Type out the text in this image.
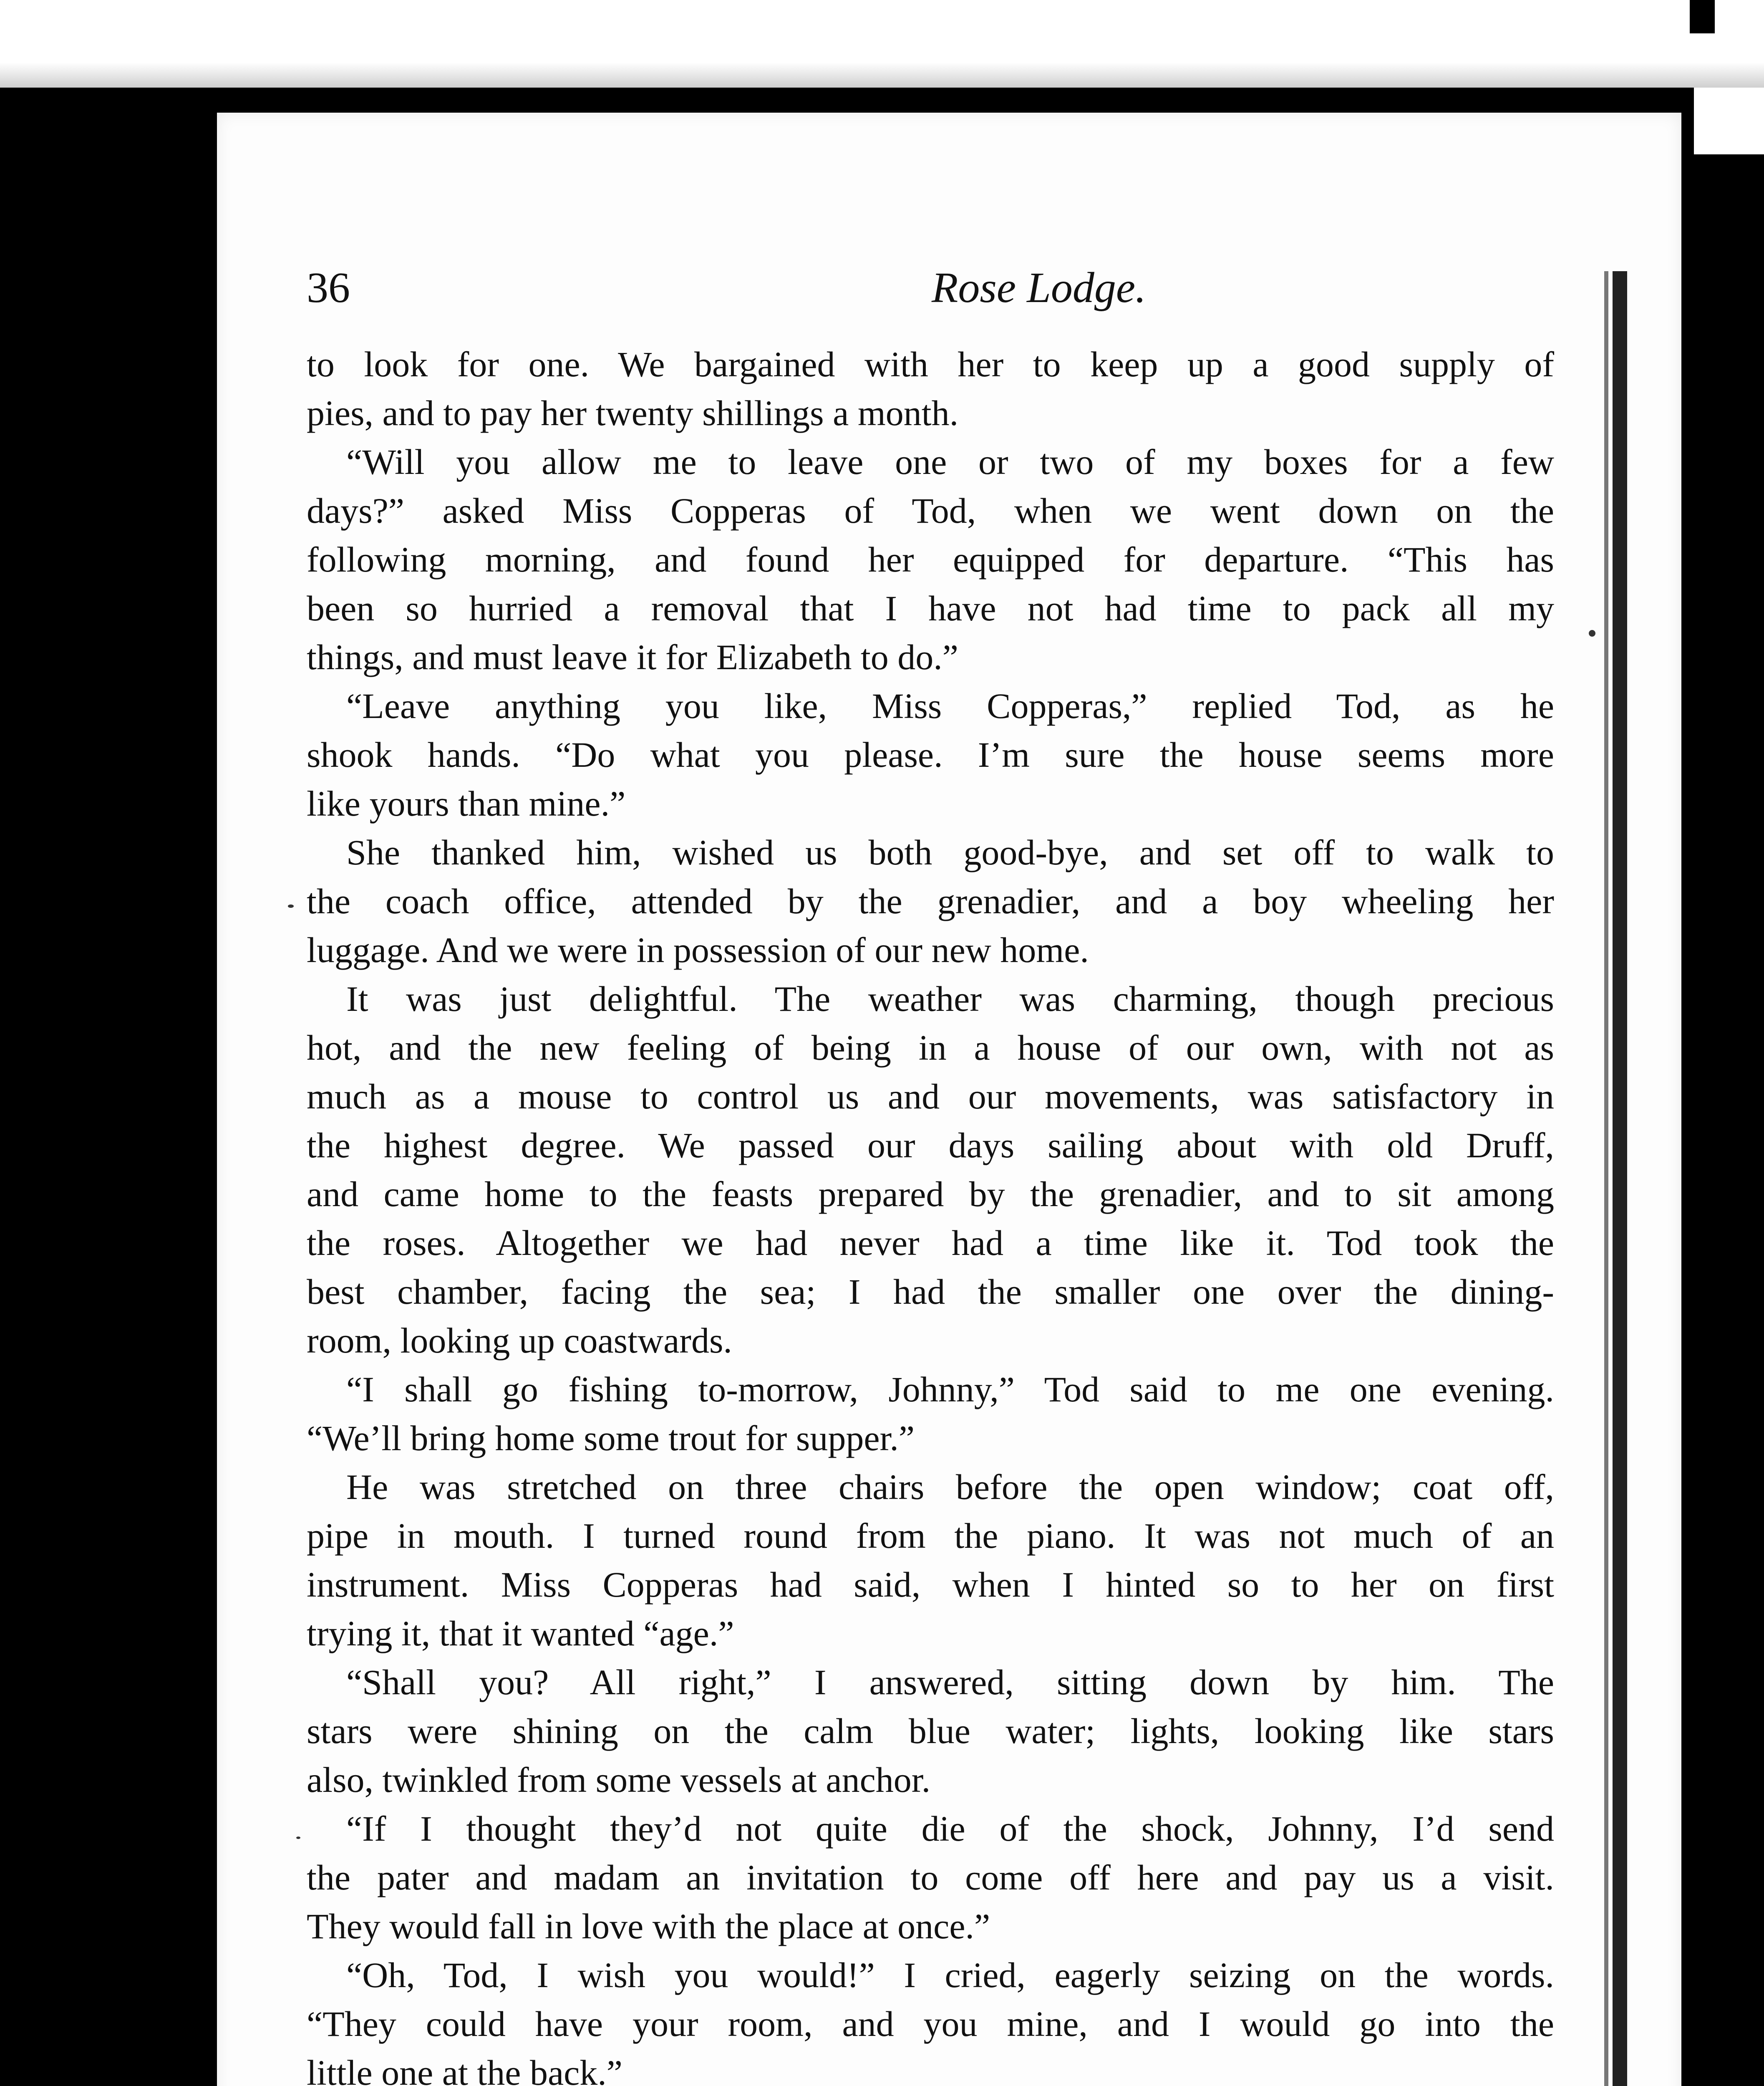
36	Rose Lodge.
to look for one. We bargained with her to keep up a good supply of
pies, and to pay her twenty shillings a month.
“Will you allow me to leave one or two of my boxes for a few
days?” asked Miss Copperas of Tod, when we went down on the
following morning, and found her equipped for departure. “This has
been so hurried a removal that I have not had time to pack all my
things, and must leave it for Elizabeth to do.”
“Leave anything you like, Miss Copperas,” replied Tod, as he
shook hands. “Do what you please. I’m sure the house seems more
like yours than mine.”
She thanked him, wished us both good-bye, and set off to walk to
the coach office, attended by the grenadier, and a boy wheeling her
luggage. And we were in possession of our new home.
It was just delightful. The weather was charming, though precious
hot, and the new feeling of being in a house of our own, with not as
much as a mouse to control us and our movements, was satisfactory in
the highest degree. We passed our days sailing about with old Druff,
and came home to the feasts prepared by the grenadier, and to sit among
the roses. Altogether we had never had a time like it. Tod took the
best chamber, facing the sea; I had the smaller one over the dining-
room, looking up coastwards.
“I shall go fishing to-morrow, Johnny,” Tod said to me one evening.
“We’ll bring home some trout for supper.”
He was stretched on three chairs before the open window; coat off,
pipe in mouth. I turned round from the piano. It was not much of an
instrument. Miss Copperas had said, when I hinted so to her on first
trying it, that it wanted “age.”
“Shall you? All right,” I answered, sitting down by him. The
stars were shining on the calm blue water; lights, looking like stars
also, twinkled from some vessels at anchor.
“If I thought they’d not quite die of the shock, Johnny, I’d send
the pater and madam an invitation to come off here and pay us a visit.
They would fall in love with the place at once.”
“Oh, Tod, I wish you would!” I cried, eagerly seizing on the words.
“They could have your room, and you mine, and I would go into the
little one at the back.”
